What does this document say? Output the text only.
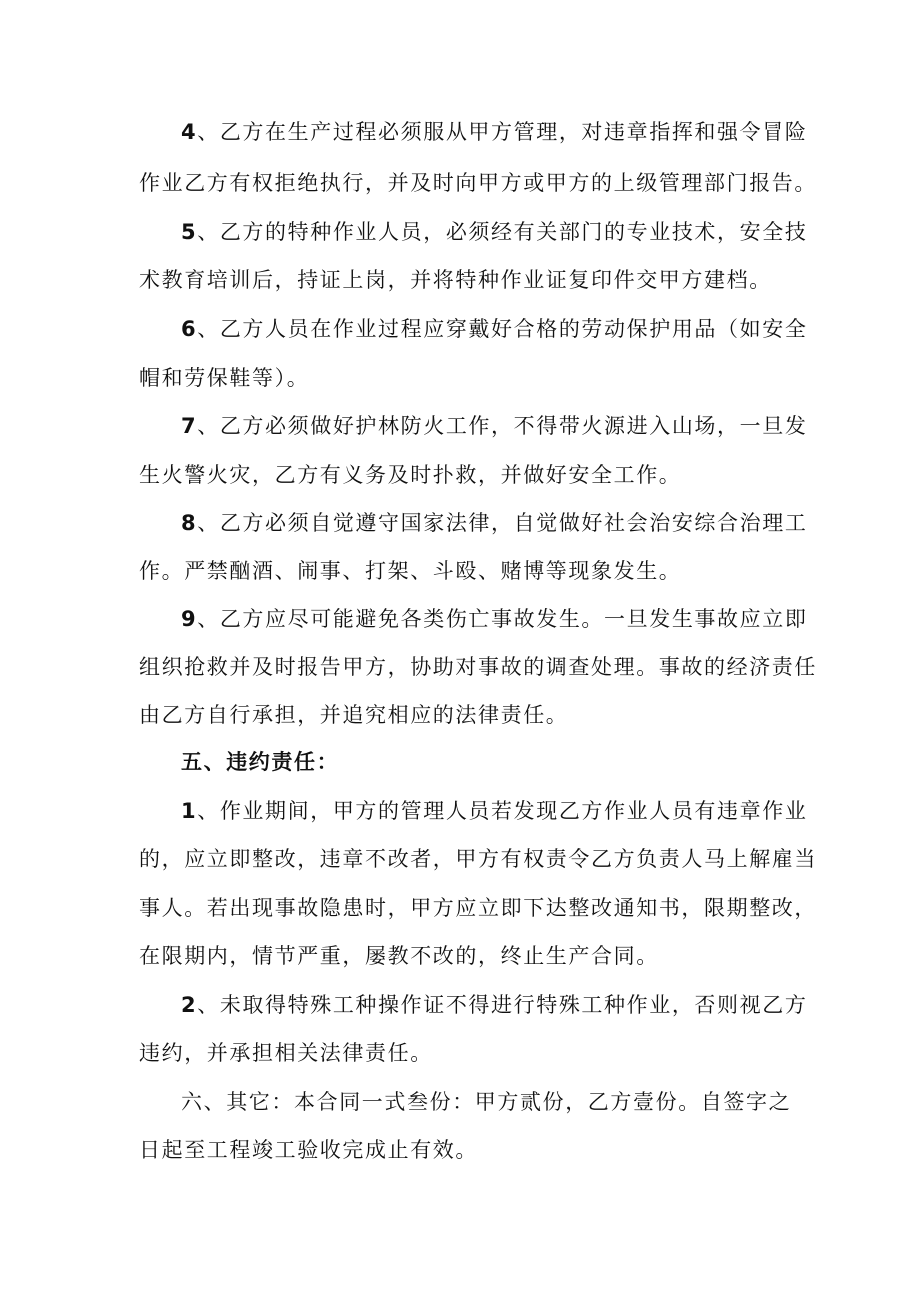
4、乙方在生产过程必须服从甲方管理，对违章指挥和强令冒险
作业乙方有权拒绝执行，并及时向甲方或甲方的上级管理部门报告。
5、乙方的特种作业人员，必须经有关部门的专业技术，安全技
术教育培训后，持证上岗，并将特种作业证复印件交甲方建档。
6、乙方人员在作业过程应穿戴好合格的劳动保护用品（如安全
帽和劳保鞋等）。
7、乙方必须做好护林防火工作，不得带火源进入山场，一旦发
生火警火灾，乙方有义务及时扑救，并做好安全工作。
8、乙方必须自觉遵守国家法律，自觉做好社会治安综合治理工
作。严禁酗酒、闹事、打架、斗殴、赌博等现象发生。
9、乙方应尽可能避免各类伤亡事故发生。一旦发生事故应立即
组织抢救并及时报告甲方，协助对事故的调查处理。事故的经济责任
由乙方自行承担，并追究相应的法律责任。
五、违约责任：
1、作业期间，甲方的管理人员若发现乙方作业人员有违章作业
的，应立即整改，违章不改者，甲方有权责令乙方负责人马上解雇当
事人。若出现事故隐患时，甲方应立即下达整改通知书，限期整改，
在限期内，情节严重，屡教不改的，终止生产合同。
2、未取得特殊工种操作证不得进行特殊工种作业，否则视乙方
违约，并承担相关法律责任。
六、其它：本合同一式叁份：甲方贰份，乙方壹份。自签字之
日起至工程竣工验收完成止有效。
